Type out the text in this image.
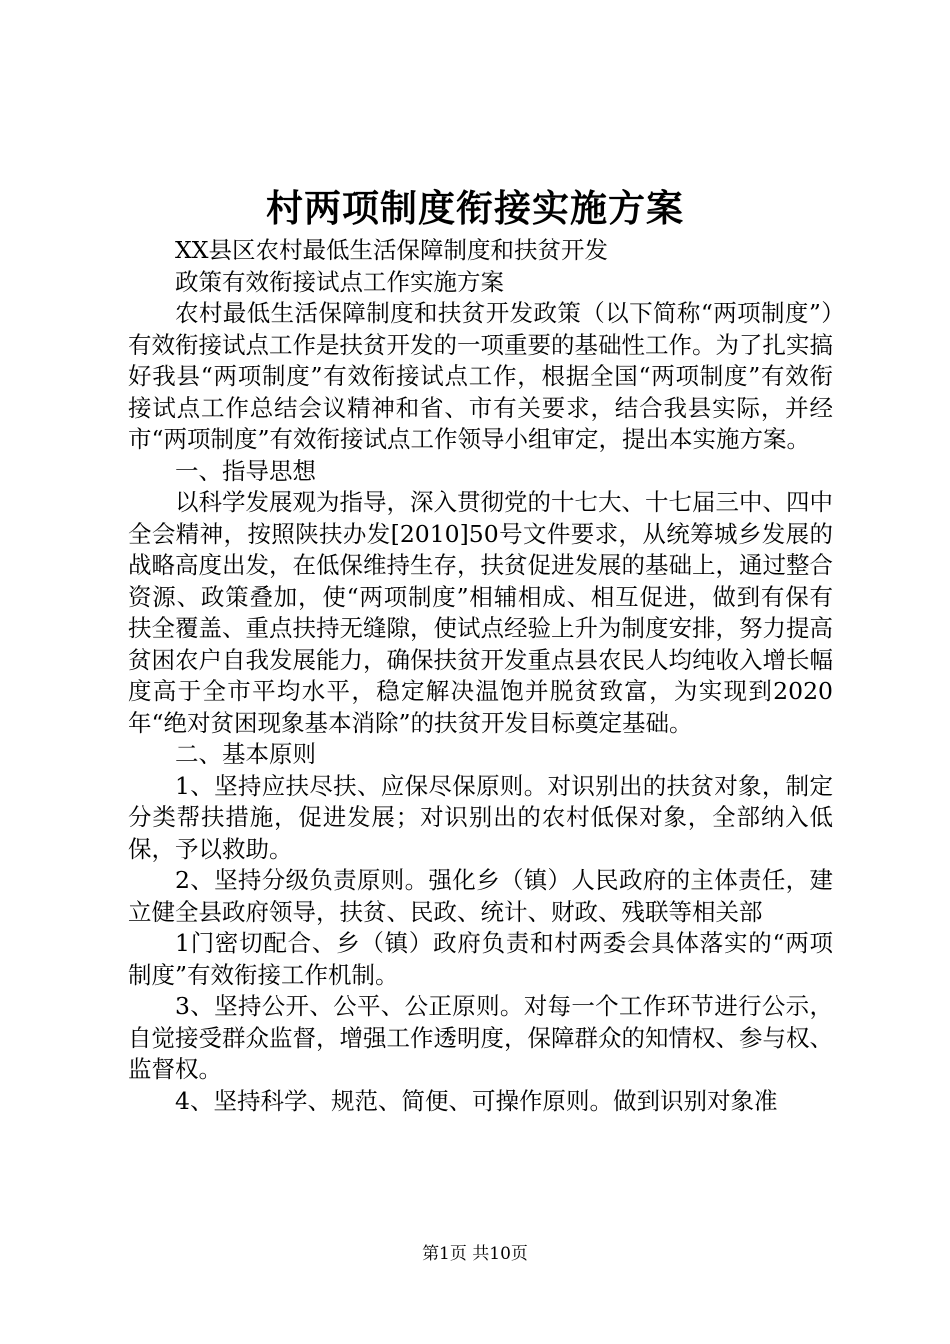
村两项制度衔接实施方案

XX县区农村最低生活保障制度和扶贫开发

政策有效衔接试点工作实施方案

农村最低生活保障制度和扶贫开发政策（以下简称“两项制度”）有效衔接试点工作是扶贫开发的一项重要的基础性工作。为了扎实搞好我县“两项制度”有效衔接试点工作，根据全国“两项制度”有效衔接试点工作总结会议精神和省、市有关要求，结合我县实际，并经市“两项制度”有效衔接试点工作领导小组审定，提出本实施方案。

一、指导思想

以科学发展观为指导，深入贯彻党的十七大、十七届三中、四中全会精神，按照陕扶办发[2010]50号文件要求，从统筹城乡发展的战略高度出发，在低保维持生存，扶贫促进发展的基础上，通过整合资源、政策叠加，使“两项制度”相辅相成、相互促进，做到有保有扶全覆盖、重点扶持无缝隙，使试点经验上升为制度安排，努力提高贫困农户自我发展能力，确保扶贫开发重点县农民人均纯收入增长幅度高于全市平均水平，稳定解决温饱并脱贫致富，为实现到2020年“绝对贫困现象基本消除”的扶贫开发目标奠定基础。

二、基本原则

1、坚持应扶尽扶、应保尽保原则。对识别出的扶贫对象，制定分类帮扶措施，促进发展；对识别出的农村低保对象，全部纳入低保，予以救助。

2、坚持分级负责原则。强化乡（镇）人民政府的主体责任，建立健全县政府领导，扶贫、民政、统计、财政、残联等相关部

1门密切配合、乡（镇）政府负责和村两委会具体落实的“两项制度”有效衔接工作机制。

3、坚持公开、公平、公正原则。对每一个工作环节进行公示，自觉接受群众监督，增强工作透明度，保障群众的知情权、参与权、监督权。

4、坚持科学、规范、简便、可操作原则。做到识别对象准

第1页 共10页
